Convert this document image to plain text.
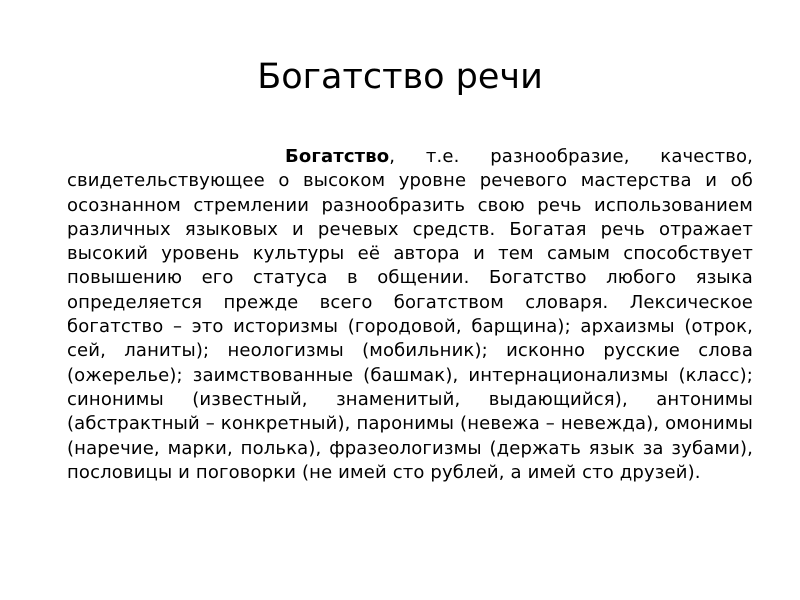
Богатство речи

Богатство, т.е. разнообразие, качество, свидетельствующее о высоком уровне речевого мастерства и об осознанном стремлении разнообразить свою речь использованием различных языковых и речевых средств. Богатая речь отражает высокий уровень культуры её автора и тем самым способствует повышению его статуса в общении. Богатство любого языка определяется прежде всего богатством словаря. Лексическое богатство – это историзмы (городовой, барщина); архаизмы (отрок, сей, ланиты); неологизмы (мобильник); исконно русские слова (ожерелье); заимствованные (башмак), интернационализмы (класс); синонимы (известный, знаменитый, выдающийся), антонимы (абстрактный – конкретный), паронимы (невежа – невежда), омонимы (наречие, марки, полька), фразеологизмы (держать язык за зубами), пословицы и поговорки (не имей сто рублей, а имей сто друзей).
